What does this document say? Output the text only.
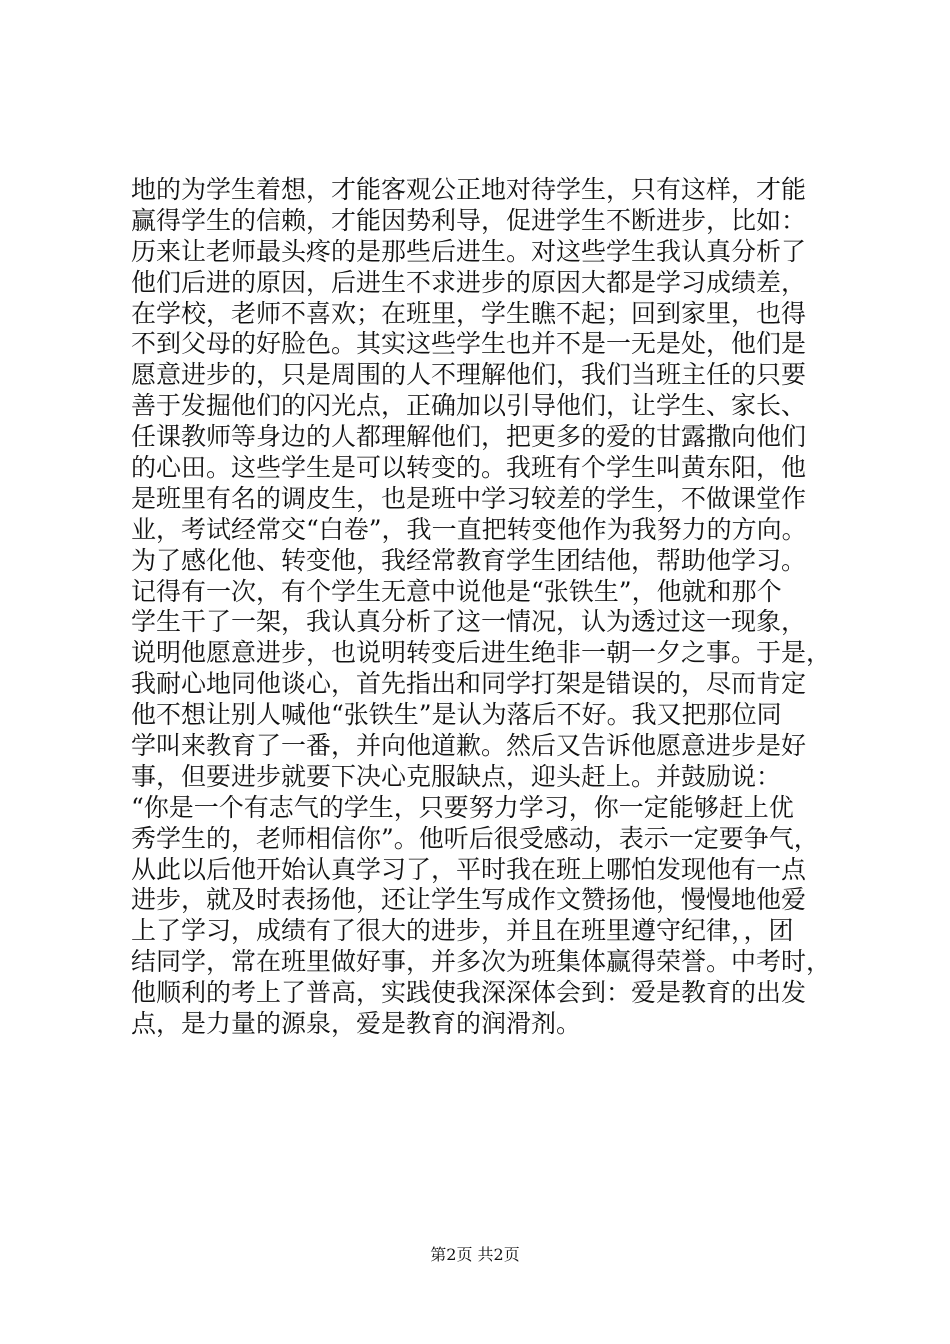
地的为学生着想，才能客观公正地对待学生，只有这样，才能
赢得学生的信赖，才能因势利导，促进学生不断进步，比如：
历来让老师最头疼的是那些后进生。对这些学生我认真分析了
他们后进的原因，后进生不求进步的原因大都是学习成绩差，
在学校，老师不喜欢；在班里，学生瞧不起；回到家里，也得
不到父母的好脸色。其实这些学生也并不是一无是处，他们是
愿意进步的，只是周围的人不理解他们，我们当班主任的只要
善于发掘他们的闪光点，正确加以引导他们，让学生、家长、
任课教师等身边的人都理解他们，把更多的爱的甘露撒向他们
的心田。这些学生是可以转变的。我班有个学生叫黄东阳，他
是班里有名的调皮生，也是班中学习较差的学生，不做课堂作
业，考试经常交“白卷”，我一直把转变他作为我努力的方向。
为了感化他、转变他，我经常教育学生团结他，帮助他学习。
记得有一次，有个学生无意中说他是“张铁生”，他就和那个
学生干了一架，我认真分析了这一情况，认为透过这一现象，
说明他愿意进步，也说明转变后进生绝非一朝一夕之事。于是，
我耐心地同他谈心，首先指出和同学打架是错误的，尽而肯定
他不想让别人喊他“张铁生”是认为落后不好。我又把那位同
学叫来教育了一番，并向他道歉。然后又告诉他愿意进步是好
事，但要进步就要下决心克服缺点，迎头赶上。并鼓励说：
“你是一个有志气的学生，只要努力学习，你一定能够赶上优
秀学生的，老师相信你”。他听后很受感动，表示一定要争气，
从此以后他开始认真学习了，平时我在班上哪怕发现他有一点
进步，就及时表扬他，还让学生写成作文赞扬他，慢慢地他爱
上了学习，成绩有了很大的进步，并且在班里遵守纪律，，团
结同学，常在班里做好事，并多次为班集体赢得荣誉。中考时，
他顺利的考上了普高，实践使我深深体会到：爱是教育的出发
点，是力量的源泉，爱是教育的润滑剂。
第2页 共2页
